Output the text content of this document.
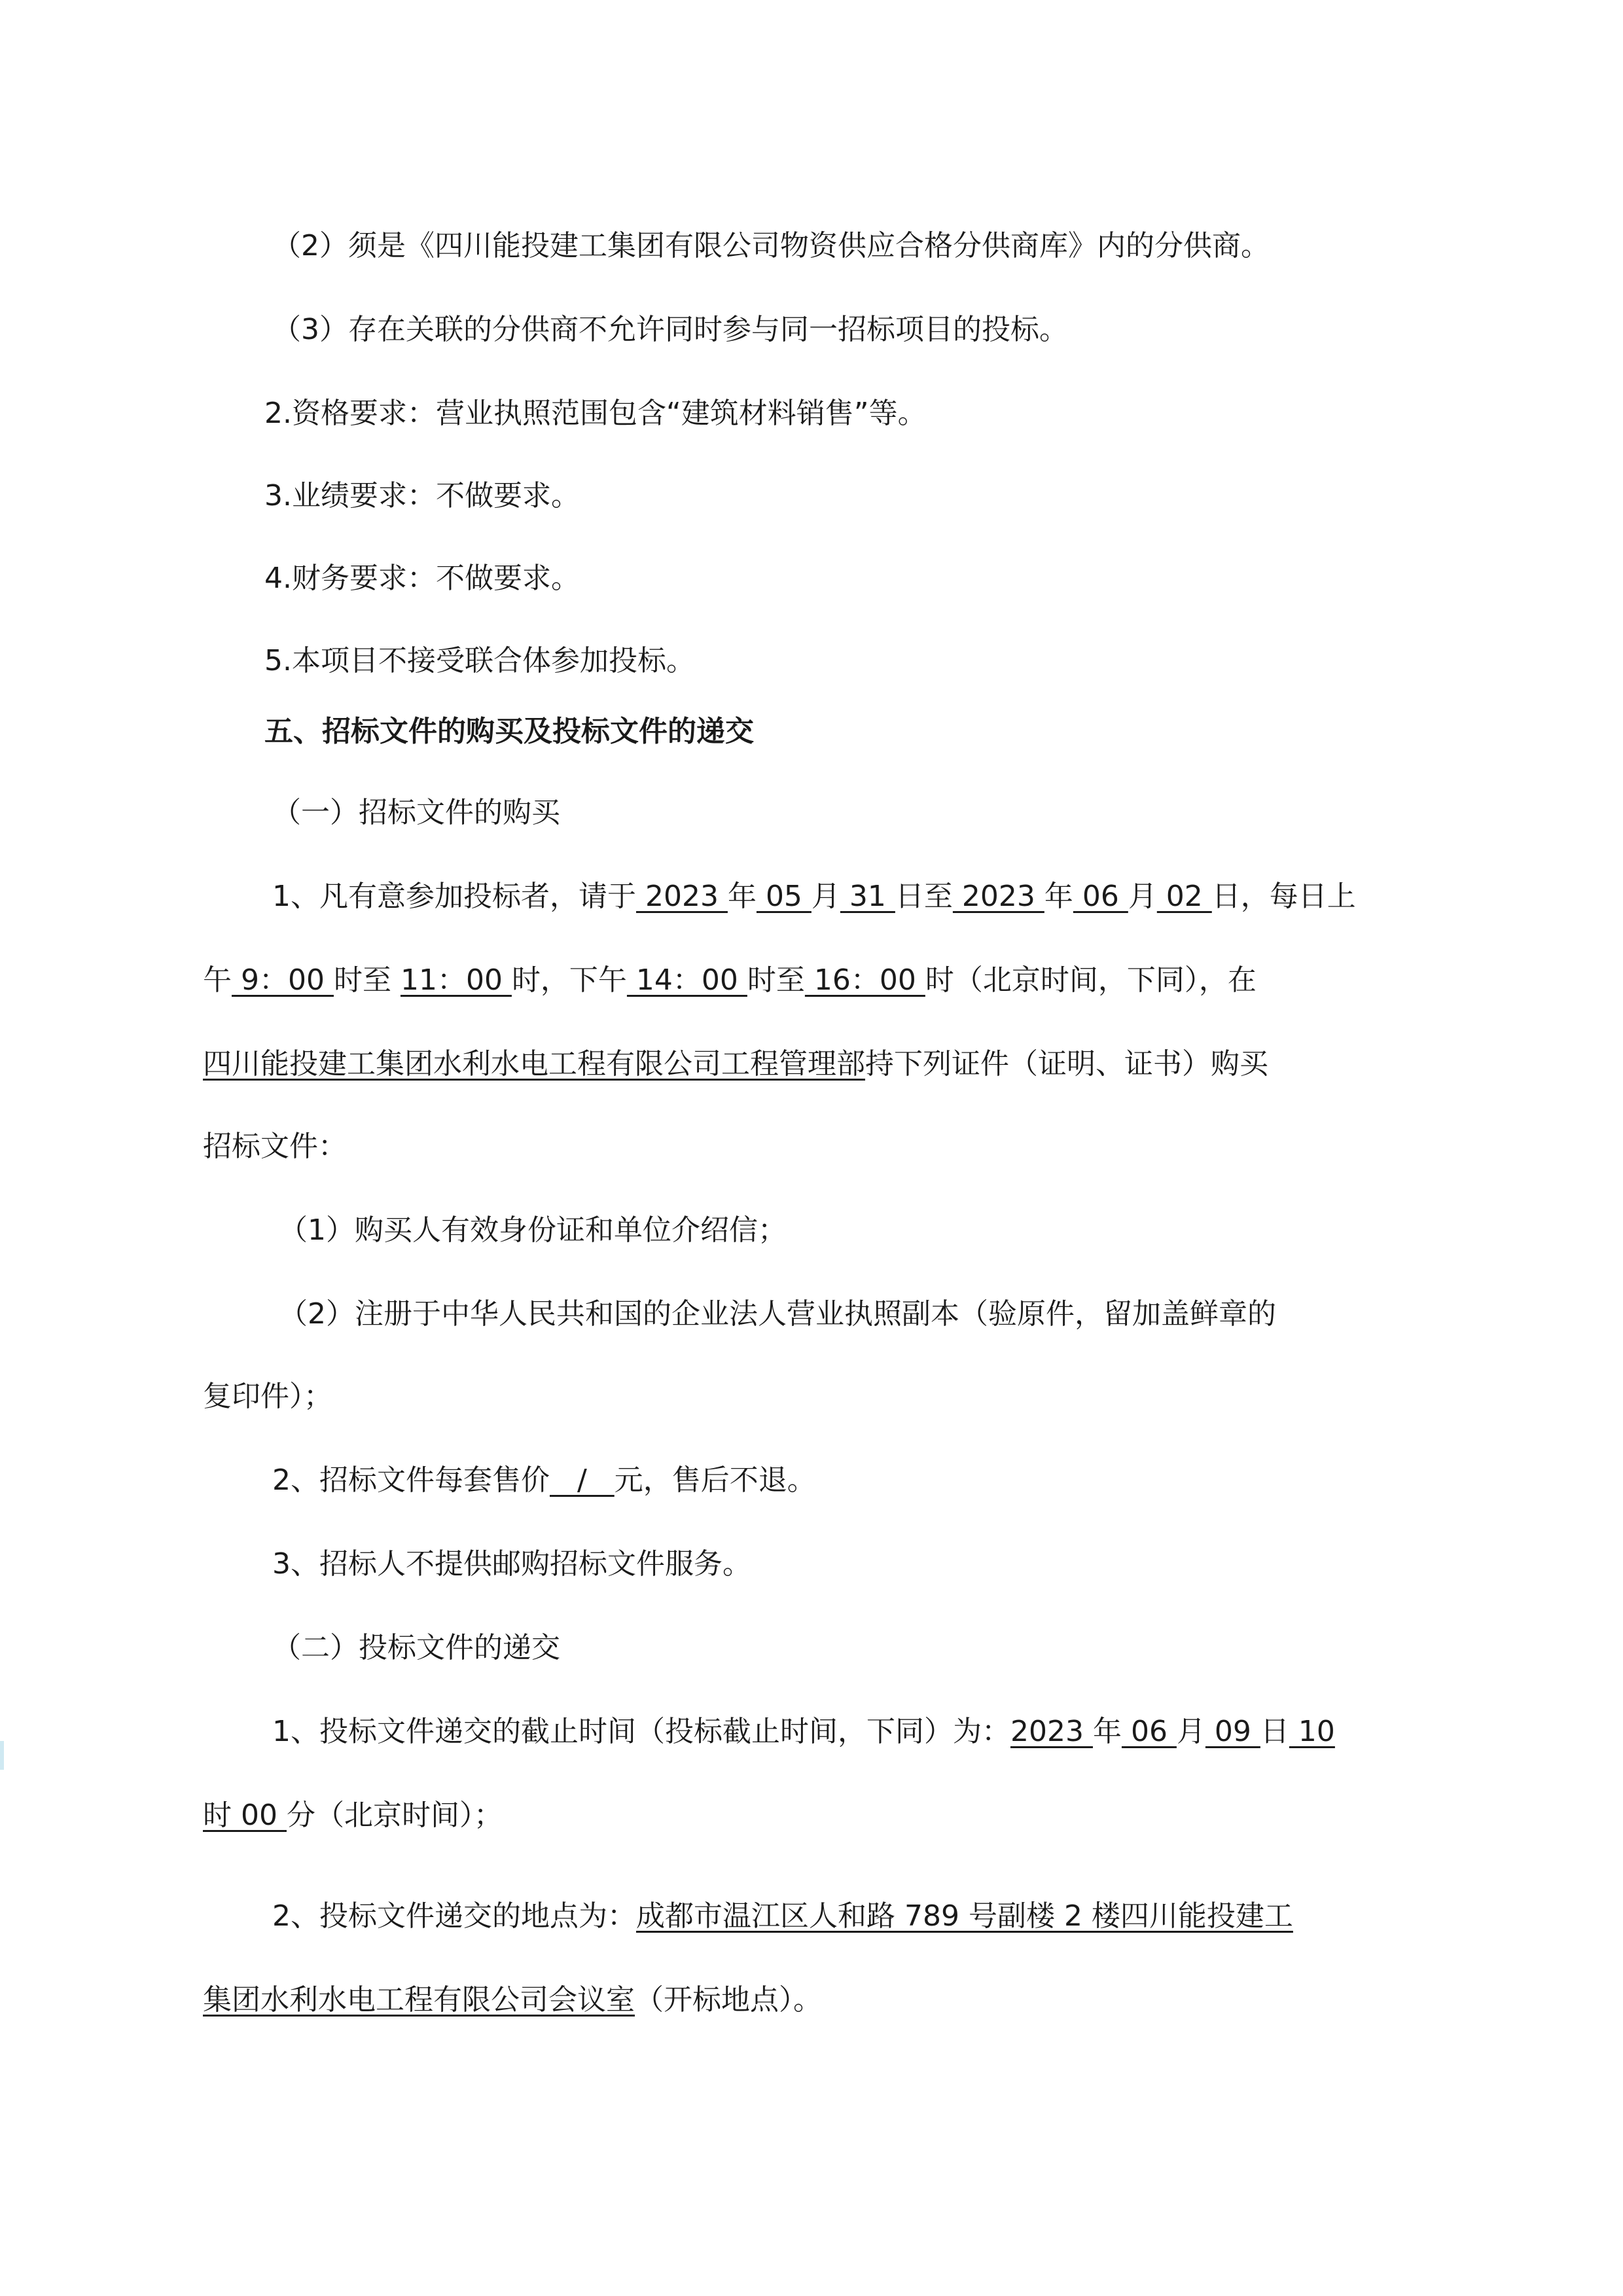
（2）须是《四川能投建工集团有限公司物资供应合格分供商库》内的分供商。
（3）存在关联的分供商不允许同时参与同一招标项目的投标。
2.资格要求：营业执照范围包含“建筑材料销售”等。
3.业绩要求：不做要求。
4.财务要求：不做要求。
5.本项目不接受联合体参加投标。
五、招标文件的购买及投标文件的递交
（一）招标文件的购买
1、凡有意参加投标者，请于 2023 年 05 月 31 日至 2023 年 06 月 02 日，每日上
午 9：00 时至 11：00 时，下午 14：00 时至 16：00 时（北京时间，下同），在
四川能投建工集团水利水电工程有限公司工程管理部持下列证件（证明、证书）购买
招标文件：
（1）购买人有效身份证和单位介绍信；
（2）注册于中华人民共和国的企业法人营业执照副本（验原件，留加盖鲜章的
复印件）；
2、招标文件每套售价   /   元，售后不退。
3、招标人不提供邮购招标文件服务。
（二）投标文件的递交
1、投标文件递交的截止时间（投标截止时间，下同）为：2023 年 06 月 09 日 10
时 00 分（北京时间）；
2、投标文件递交的地点为：成都市温江区人和路 789 号副楼 2 楼四川能投建工
集团水利水电工程有限公司会议室（开标地点）。
